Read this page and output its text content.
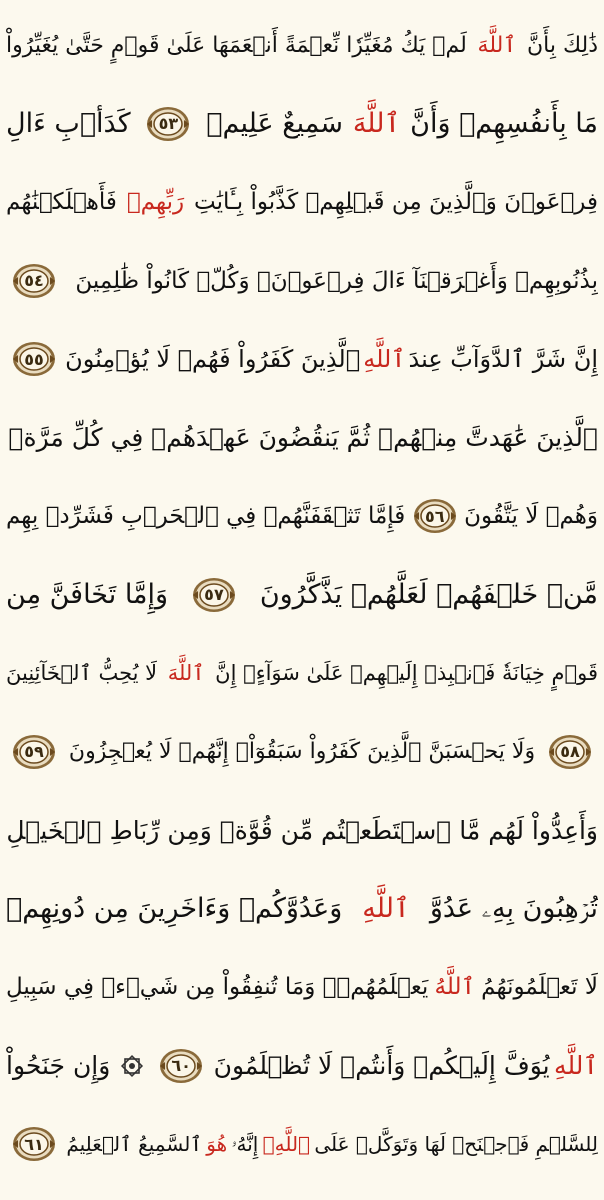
ذَٰلِكَ بِأَنَّ
ٱللَّهَ
لَمۡ يَكُ مُغَيِّرٗا نِّعۡمَةً أَنۡعَمَهَا عَلَىٰ قَوۡمٍ حَتَّىٰ يُغَيِّرُواْ
مَا بِأَنفُسِهِمۡ وَأَنَّ
ٱللَّهَ
سَمِيعٌ عَلِيمٞ
٥٣
كَدَأۡبِ ءَالِ
فِرۡعَوۡنَ وَٱلَّذِينَ مِن قَبۡلِهِمۡ كَذَّبُواْ بِـَٔايَٰتِ
رَبِّهِمۡ
فَأَهۡلَكۡنَٰهُم
بِذُنُوبِهِمۡ وَأَغۡرَقۡنَآ ءَالَ فِرۡعَوۡنَۚ وَكُلّٞ كَانُواْ ظَٰلِمِينَ
٥٤
إِنَّ شَرَّ ٱلدَّوَآبِّ عِندَ
ٱللَّهِ
ٱلَّذِينَ كَفَرُواْ فَهُمۡ لَا يُؤۡمِنُونَ
٥٥
ٱلَّذِينَ عَٰهَدتَّ مِنۡهُمۡ ثُمَّ يَنقُضُونَ عَهۡدَهُمۡ فِي كُلِّ مَرَّةٖ
وَهُمۡ لَا يَتَّقُونَ
٥٦
فَإِمَّا تَثۡقَفَنَّهُمۡ فِي ٱلۡحَرۡبِ فَشَرِّدۡ بِهِم
مَّنۡ خَلۡفَهُمۡ لَعَلَّهُمۡ يَذَّكَّرُونَ
٥٧
وَإِمَّا تَخَافَنَّ مِن
قَوۡمٍ خِيَانَةٗ فَٱنۢبِذۡ إِلَيۡهِمۡ عَلَىٰ سَوَآءٍۚ إِنَّ
ٱللَّهَ
لَا يُحِبُّ ٱلۡخَآئِنِينَ
٥٨
وَلَا يَحۡسَبَنَّ ٱلَّذِينَ كَفَرُواْ سَبَقُوٓاْۚ إِنَّهُمۡ لَا يُعۡجِزُونَ
٥٩
وَأَعِدُّواْ لَهُم مَّا ٱسۡتَطَعۡتُم مِّن قُوَّةٖ وَمِن رِّبَاطِ ٱلۡخَيۡلِ
تُرۡهِبُونَ بِهِۦ عَدُوَّ
ٱللَّهِ
وَعَدُوَّكُمۡ وَءَاخَرِينَ مِن دُونِهِمۡ
لَا تَعۡلَمُونَهُمُ
ٱللَّهُ
يَعۡلَمُهُمۡۚ وَمَا تُنفِقُواْ مِن شَيۡءٖ فِي سَبِيلِ
ٱللَّهِ
يُوَفَّ إِلَيۡكُمۡ وَأَنتُمۡ لَا تُظۡلَمُونَ
٦٠
وَإِن جَنَحُواْ
لِلسَّلۡمِ فَٱجۡنَحۡ لَهَا وَتَوَكَّلۡ عَلَى
ٱللَّهِۚ
إِنَّهُۥ
هُوَ
ٱلسَّمِيعُ ٱلۡعَلِيمُ
٦١
